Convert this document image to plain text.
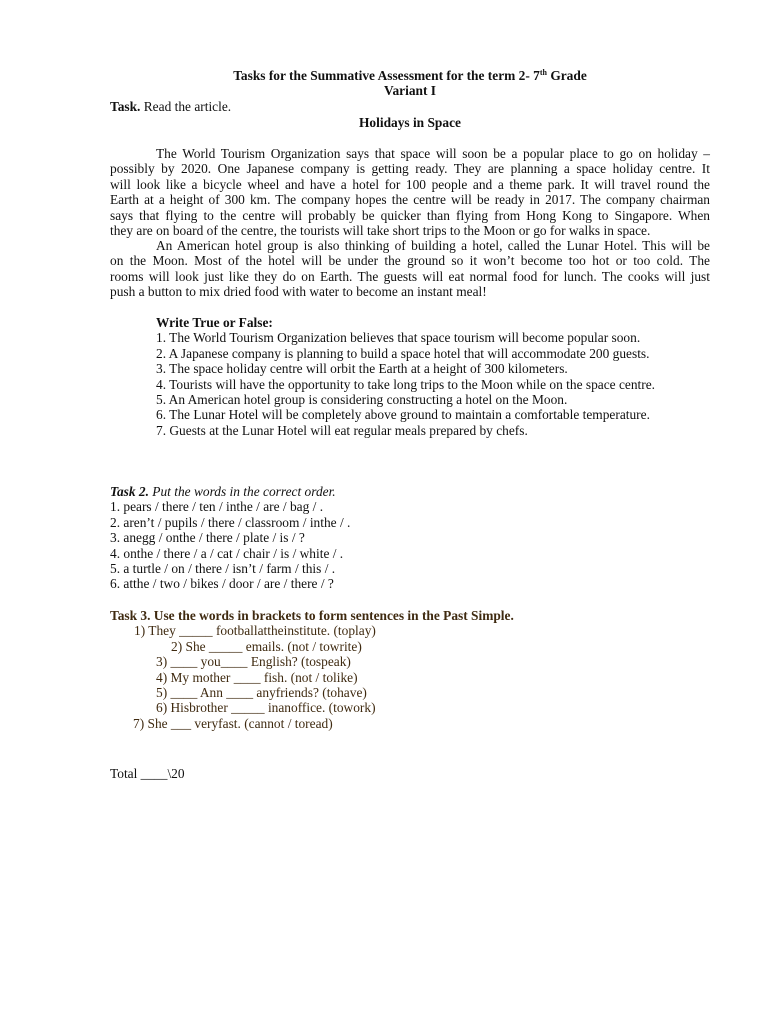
Tasks for the Summative Assessment for the term 2- 7th Grade
Variant I
Task. Read the article.
Holidays in Space
The World Tourism Organization says that space will soon be a popular place to go on holiday –
possibly by 2020. One Japanese company is getting ready. They are planning a space holiday centre. It
will look like a bicycle wheel and have a hotel for 100 people and a theme park. It will travel round the
Earth at a height of 300 km. The company hopes the centre will be ready in 2017. The company chairman
says that flying to the centre will probably be quicker than flying from Hong Kong to Singapore. When
they are on board of the centre, the tourists will take short trips to the Moon or go for walks in space.
An American hotel group is also thinking of building a hotel, called the Lunar Hotel. This will be
on the Moon. Most of the hotel will be under the ground so it won’t become too hot or too cold. The
rooms will look just like they do on Earth. The guests will eat normal food for lunch. The cooks will just
push a button to mix dried food with water to become an instant meal!
Write True or False:
1. The World Tourism Organization believes that space tourism will become popular soon.
2. A Japanese company is planning to build a space hotel that will accommodate 200 guests.
3. The space holiday centre will orbit the Earth at a height of 300 kilometers.
4. Tourists will have the opportunity to take long trips to the Moon while on the space centre.
5. An American hotel group is considering constructing a hotel on the Moon.
6. The Lunar Hotel will be completely above ground to maintain a comfortable temperature.
7. Guests at the Lunar Hotel will eat regular meals prepared by chefs.
Task 2. Put the words in the correct order.
1. pears / there / ten / inthe / are / bag / .
2. aren’t / pupils / there / classroom / inthe / .
3. anegg / onthe / there / plate / is / ?
4. onthe / there / a / cat / chair / is / white / .
5. a turtle / on / there / isn’t / farm / this / .
6. atthe / two / bikes / door / are / there / ?
Task 3. Use the words in brackets to form sentences in the Past Simple.
1) They _____ footballattheinstitute. (toplay)
2) She _____ emails. (not / towrite)
3) ____ you____ English? (tospeak)
4) My mother ____ fish. (not / tolike)
5) ____ Ann ____ anyfriends? (tohave)
6) Hisbrother _____ inanoffice. (towork)
7) She ___ veryfast. (cannot / toread)
Total ____\20
